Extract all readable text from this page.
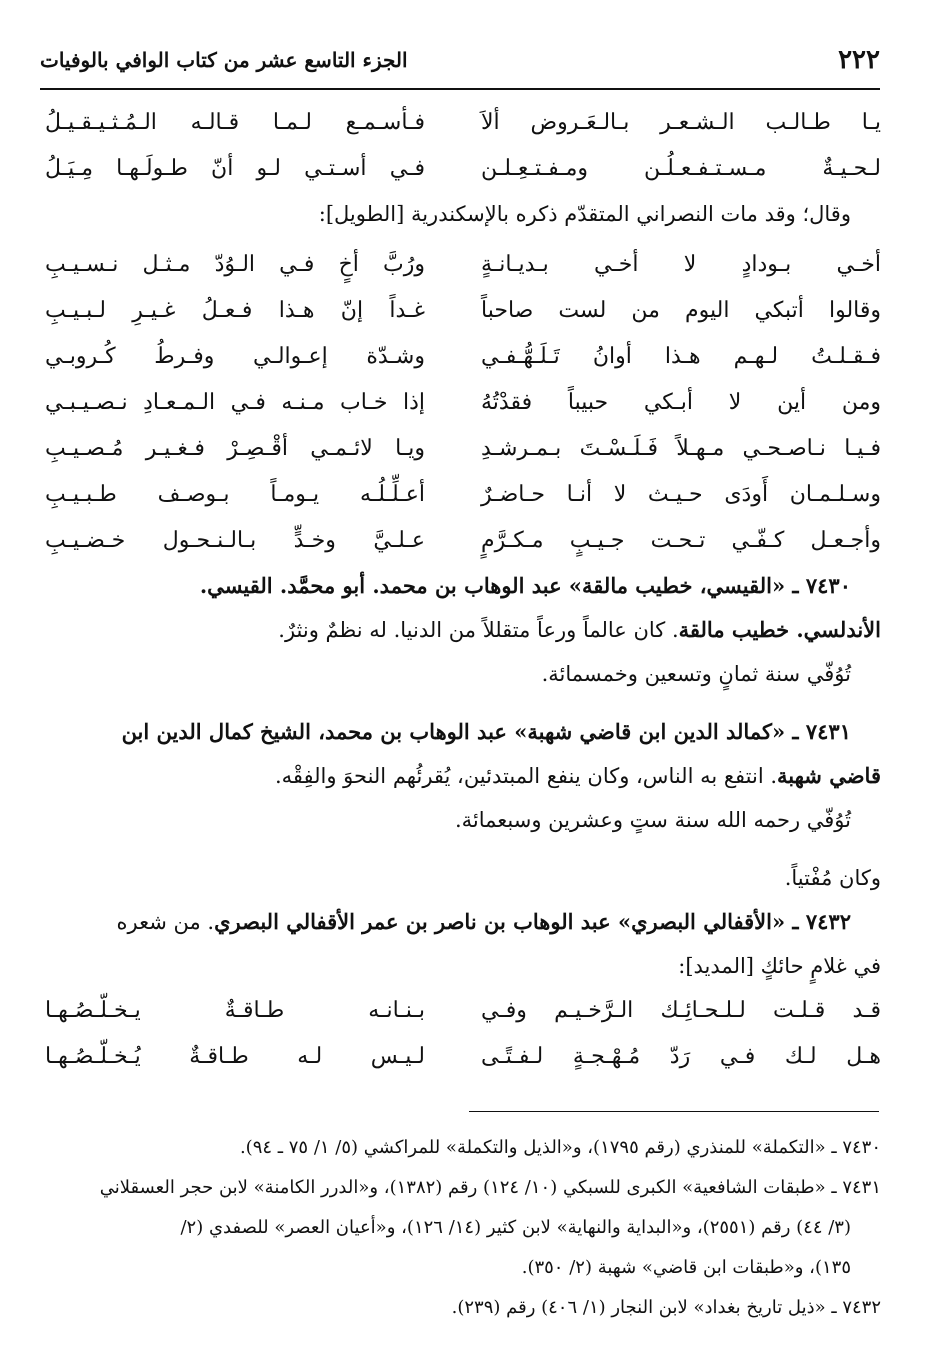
٢٢٢
الجزء التاسع عشر من كتاب الوافي بالوفيات
يـا طـالـب الـشـعـر بـالـعَـروض ألاَ
فـأسـمـع لـمـا قـالـه الـمُـثـيـقـيـلُ
لـحـيـةٌ مـسـتـفـعـلُـن ومـفـتـعِـلـن
فـي أسـتـي لـو أنّ طـولَـهـا مِـيَـلُ

وقال؛ وقد مات النصراني المتقدّم ذكره بالإسكندرية [الطويل]:

أخـي بـودادٍ لا أخـي بـديـانـةٍ
ورُبَّ أخٍ فـي الـوُدّ مـثـل نـسـيـبِ
وقالوا أتبكي اليوم من لست صاحباً
غـداً إنّ هـذا فـعـلُ غـيـرِ لـبـيـبِ
فـقـلـتُ لـهـم هـذا أوانُ تَـلَـهُّـفـي
وشـدّة إعـوالـي وفـرطُ كُـروبـي
ومن أين لا أبـكي حبيباً فقدْتُهُ
إذا خـاب مـنـه فـي الـمـعـادِ نـصـيـبـي
فـيـا نـاصـحـي مـهـلاً فَـلَـسْـتَ بـمـرشـدِ
ويـا لائـمـي أقْـصِـرْ فـغـيـر مُـصـيـبِ
وسـلـمـان أَودَى حـيـث لا أنـا حـاضـرٌ
أعـلِّـلُـه يـومـاً بـوصـف طـبـيـبِ
وأجـعـل كـفّـي تـحـت جـيـبٍ مـكـرَّمٍ
عـلـيَّ وخـدٍّ بـالـنـحـول خـضـيـبِ

٧٤٣٠ ـ «القيسي، خطيب مالقة» عبد الوهاب بن محمد. أبو محمَّد. القيسي.

الأندلسي. خطيب مالقة. كان عالماً ورعاً متقللاً من الدنيا. له نظمٌ ونثرٌ.

تُوُفّي سنة ثمانٍ وتسعين وخمسمائة.

٧٤٣١ ـ «كمالد الدين ابن قاضي شهبة» عبد الوهاب بن محمد، الشيخ كمال الدين ابن

قاضي شهبة. انتفع به الناس، وكان ينفع المبتدئين، يُقرئُهم النحوَ والفِقْه.

تُوُفّي رحمه الله سنة ستٍ وعشرين وسبعمائة.

وكان مُفْتياً.

٧٤٣٢ ـ «الأقفالي البصري» عبد الوهاب بن ناصر بن عمر الأقفالي البصري. من شعره

في غلامٍ حائكٍ [المديد]:

قـد قـلـت لـلـحـائِـك الـرَّخـيـم وفـي
بـنـانـه طـاقـةٌ يـخـلّـصُـهـا
هـل لـك فـي رَدّ مُـهْـجـةٍ لـفـتًـى
لـيـس لـه طـاقـةٌ يُـخـلّـصُـهـا

٧٤٣٠ ـ «التكملة» للمنذري (رقم ١٧٩٥)، و«الذيل والتكملة» للمراكشي (٥/ ١/ ٧٥ ـ ٩٤).

٧٤٣١ ـ «طبقات الشافعية» الكبرى للسبكي (١٠/ ١٢٤) رقم (١٣٨٢)، و«الدرر الكامنة» لابن حجر العسقلاني

(٣/ ٤٤) رقم (٢٥٥١)، و«البداية والنهاية» لابن كثير (١٤/ ١٢٦)، و«أعيان العصر» للصفدي (٢/

١٣٥)، و«طبقات ابن قاضي» شهبة (٢/ ٣٥٠).

٧٤٣٢ ـ «ذيل تاريخ بغداد» لابن النجار (١/ ٤٠٦) رقم (٢٣٩).
